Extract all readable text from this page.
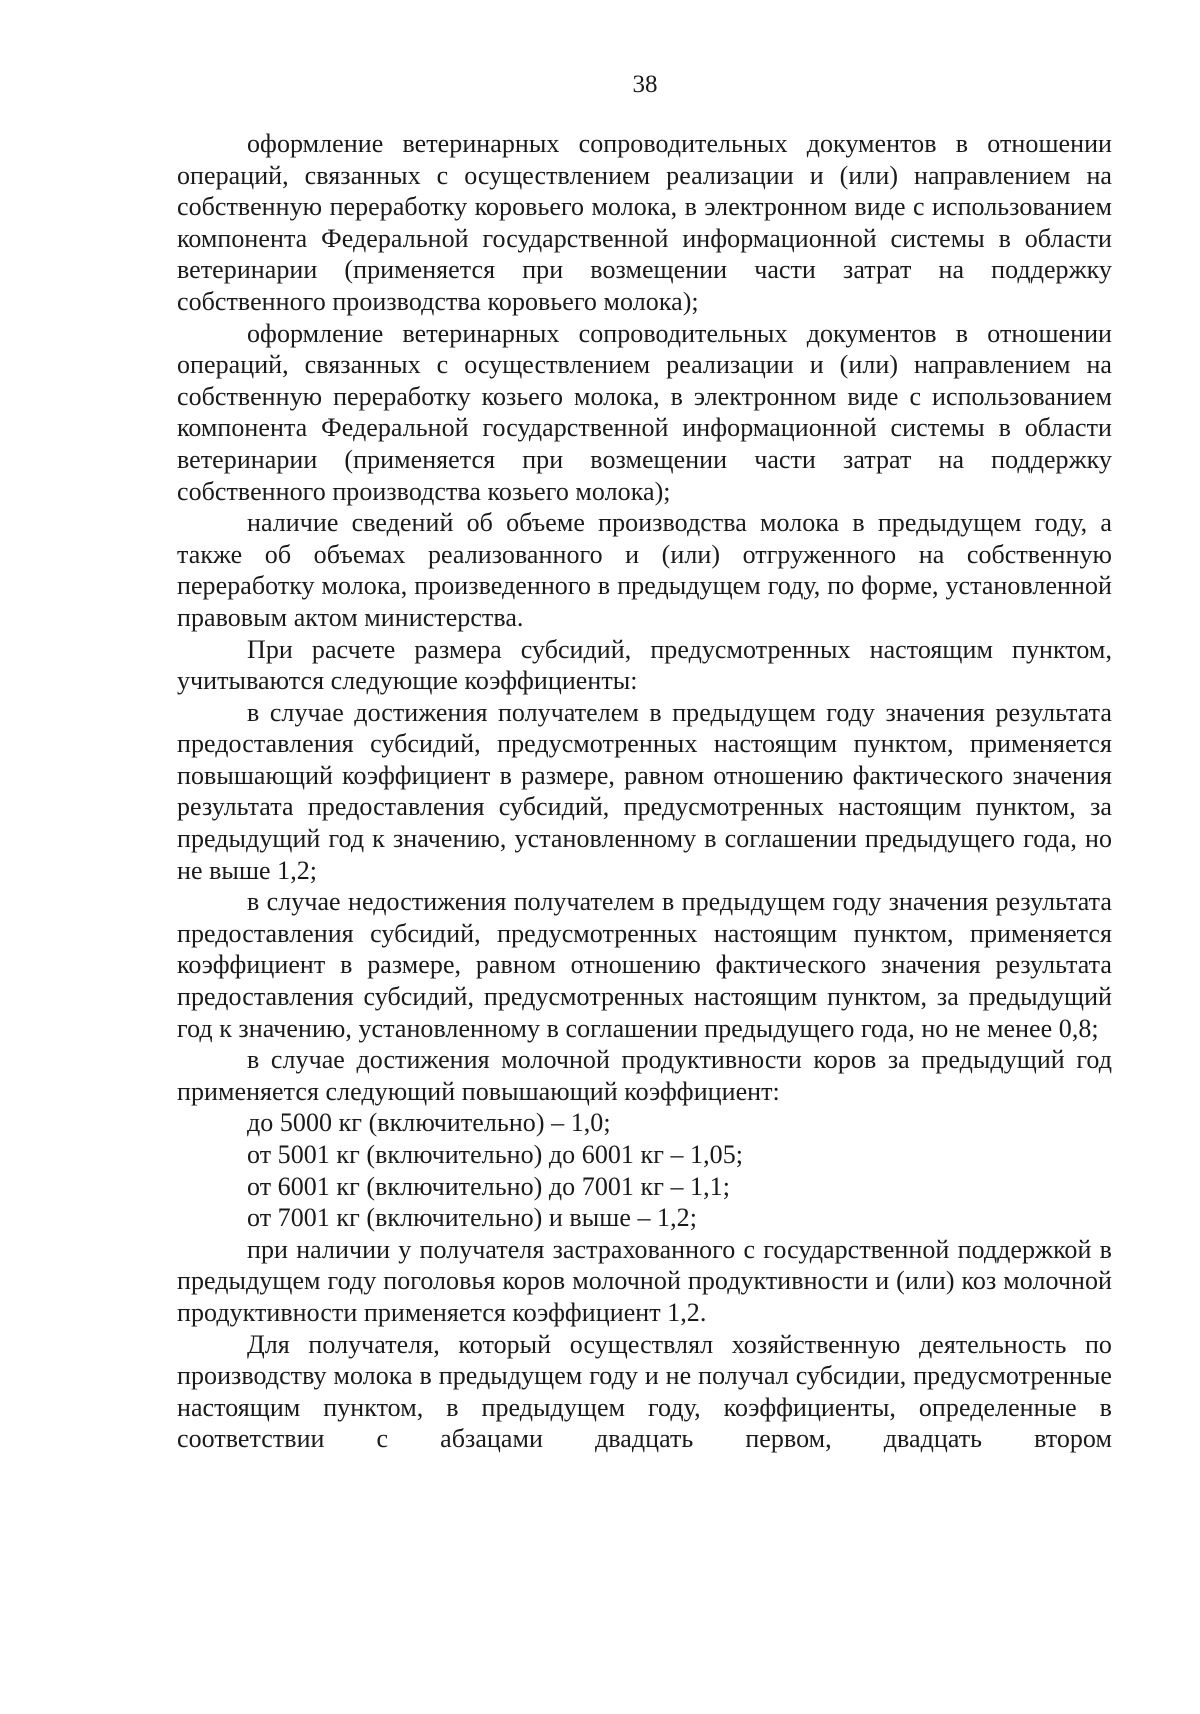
38

оформление ветеринарных сопроводительных документов в отношении операций, связанных с осуществлением реализации и (или) направлением на собственную переработку коровьего молока, в электронном виде с использованием компонента Федеральной государственной информационной системы в области ветеринарии (применяется при возмещении части затрат на поддержку собственного производства коровьего молока);

оформление ветеринарных сопроводительных документов в отношении операций, связанных с осуществлением реализации и (или) направлением на собственную переработку козьего молока, в электронном виде с использованием компонента Федеральной государственной информационной системы в области ветеринарии (применяется при возмещении части затрат на поддержку собственного производства козьего молока);

наличие сведений об объеме производства молока в предыдущем году, а также об объемах реализованного и (или) отгруженного на собственную переработку молока, произведенного в предыдущем году, по форме, установленной правовым актом министерства.

При расчете размера субсидий, предусмотренных настоящим пунктом, учитываются следующие коэффициенты:

в случае достижения получателем в предыдущем году значения результата предоставления субсидий, предусмотренных настоящим пунктом, применяется повышающий коэффициент в размере, равном отношению фактического значения результата предоставления субсидий, предусмотренных настоящим пунктом, за предыдущий год к значению, установленному в соглашении предыдущего года, но не выше 1,2;

в случае недостижения получателем в предыдущем году значения результата предоставления субсидий, предусмотренных настоящим пунктом, применяется коэффициент в размере, равном отношению фактического значения результата предоставления субсидий, предусмотренных настоящим пунктом, за предыдущий год к значению, установленному в соглашении предыдущего года, но не менее 0,8;

в случае достижения молочной продуктивности коров за предыдущий год применяется следующий повышающий коэффициент:

до 5000 кг (включительно) – 1,0;

от 5001 кг (включительно) до 6001 кг – 1,05;

от 6001 кг (включительно) до 7001 кг – 1,1;

от 7001 кг (включительно) и выше – 1,2;

при наличии у получателя застрахованного с государственной поддержкой в предыдущем году поголовья коров молочной продуктивности и (или) коз молочной продуктивности применяется коэффициент 1,2.

Для получателя, который осуществлял хозяйственную деятельность по производству молока в предыдущем году и не получал субсидии, предусмотренные настоящим пунктом, в предыдущем году, коэффициенты, определенные в соответствии с абзацами двадцать первом, двадцать втором
